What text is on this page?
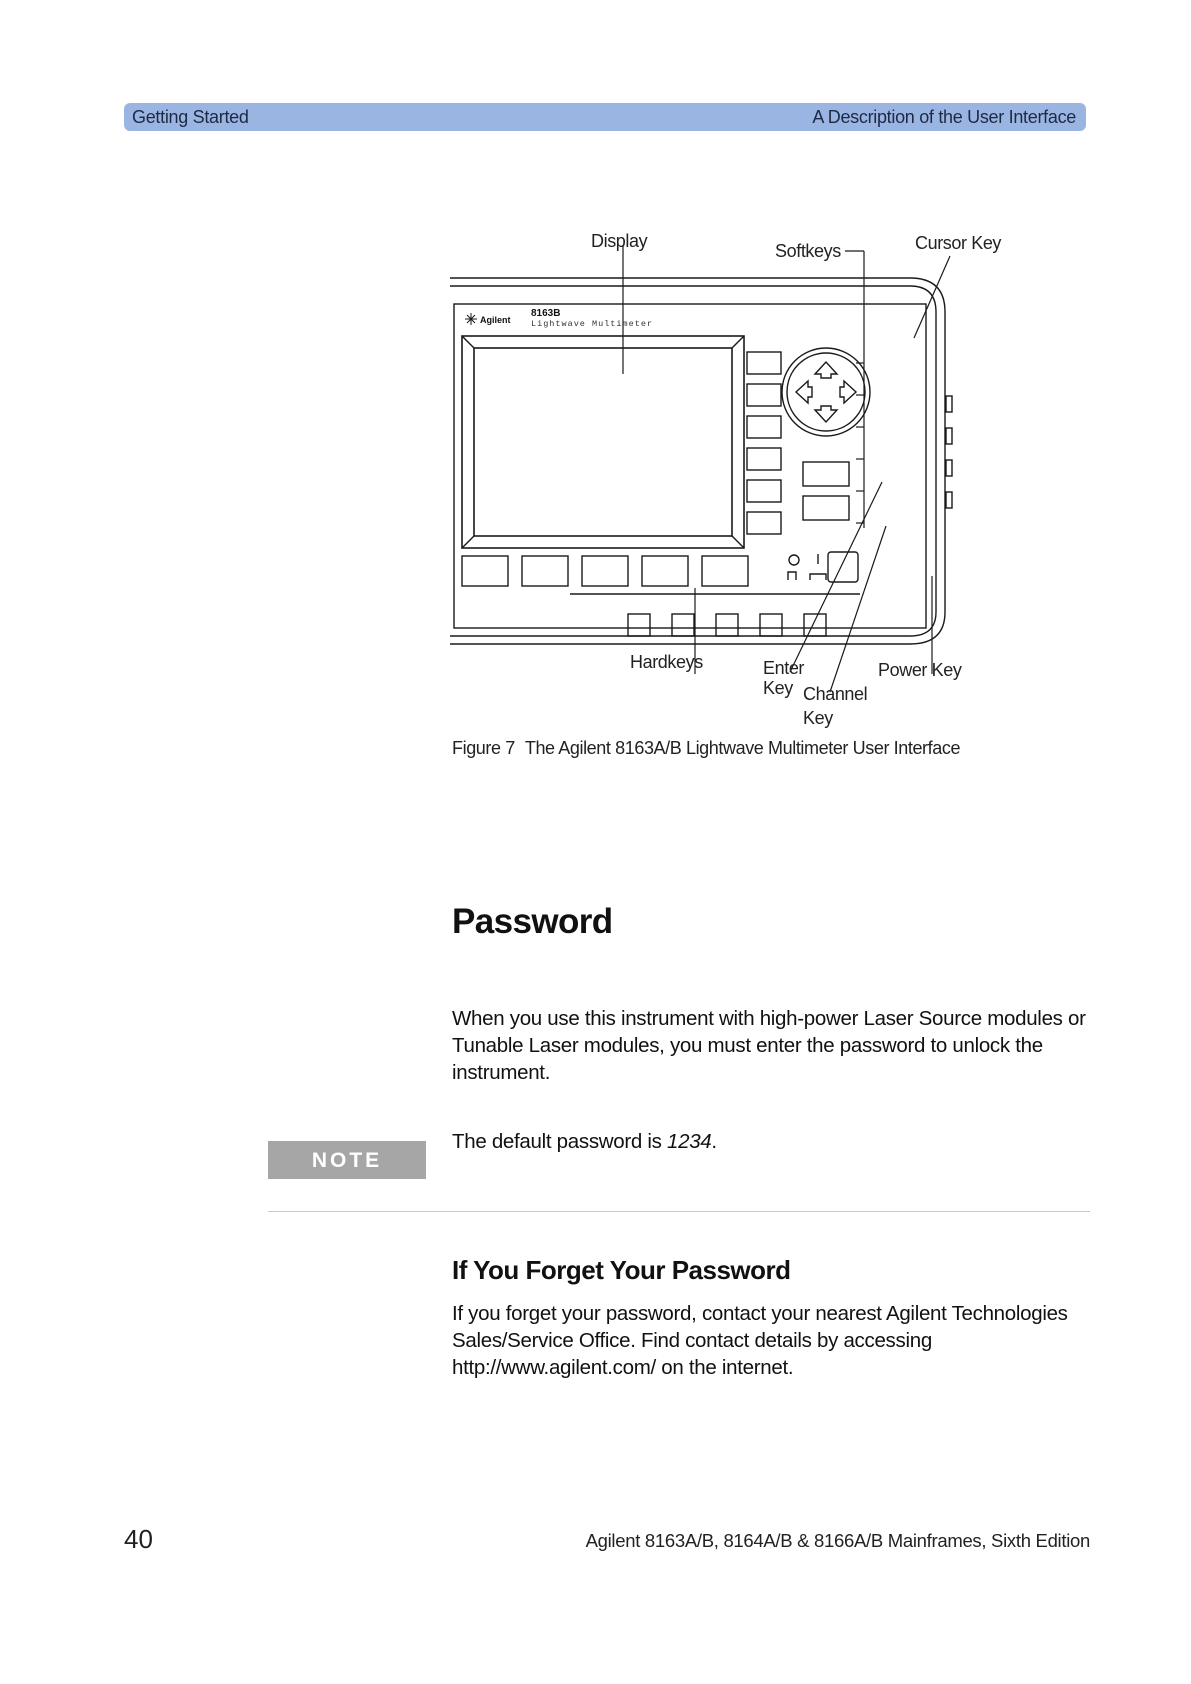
Getting Started	A Description of the User Interface
Agilent
8163B
Lightwave Multimeter
Display	Softkeys	Cursor Key
Hardkeys	Enter
Key Channel
Key
Power Key
Figure 7 The Agilent 8163A/B Lightwave Multimeter User Interface
Password

When you use this instrument with high-power Laser Source modules or Tunable Laser modules, you must enter the password to unlock the instrument.

NOTE

The default password is 1234.

If You Forget Your Password

If you forget your password, contact your nearest Agilent Technologies Sales/Service Office. Find contact details by accessing http://www.agilent.com/ on the internet.

40	Agilent 8163A/B, 8164A/B & 8166A/B Mainframes, Sixth Edition
